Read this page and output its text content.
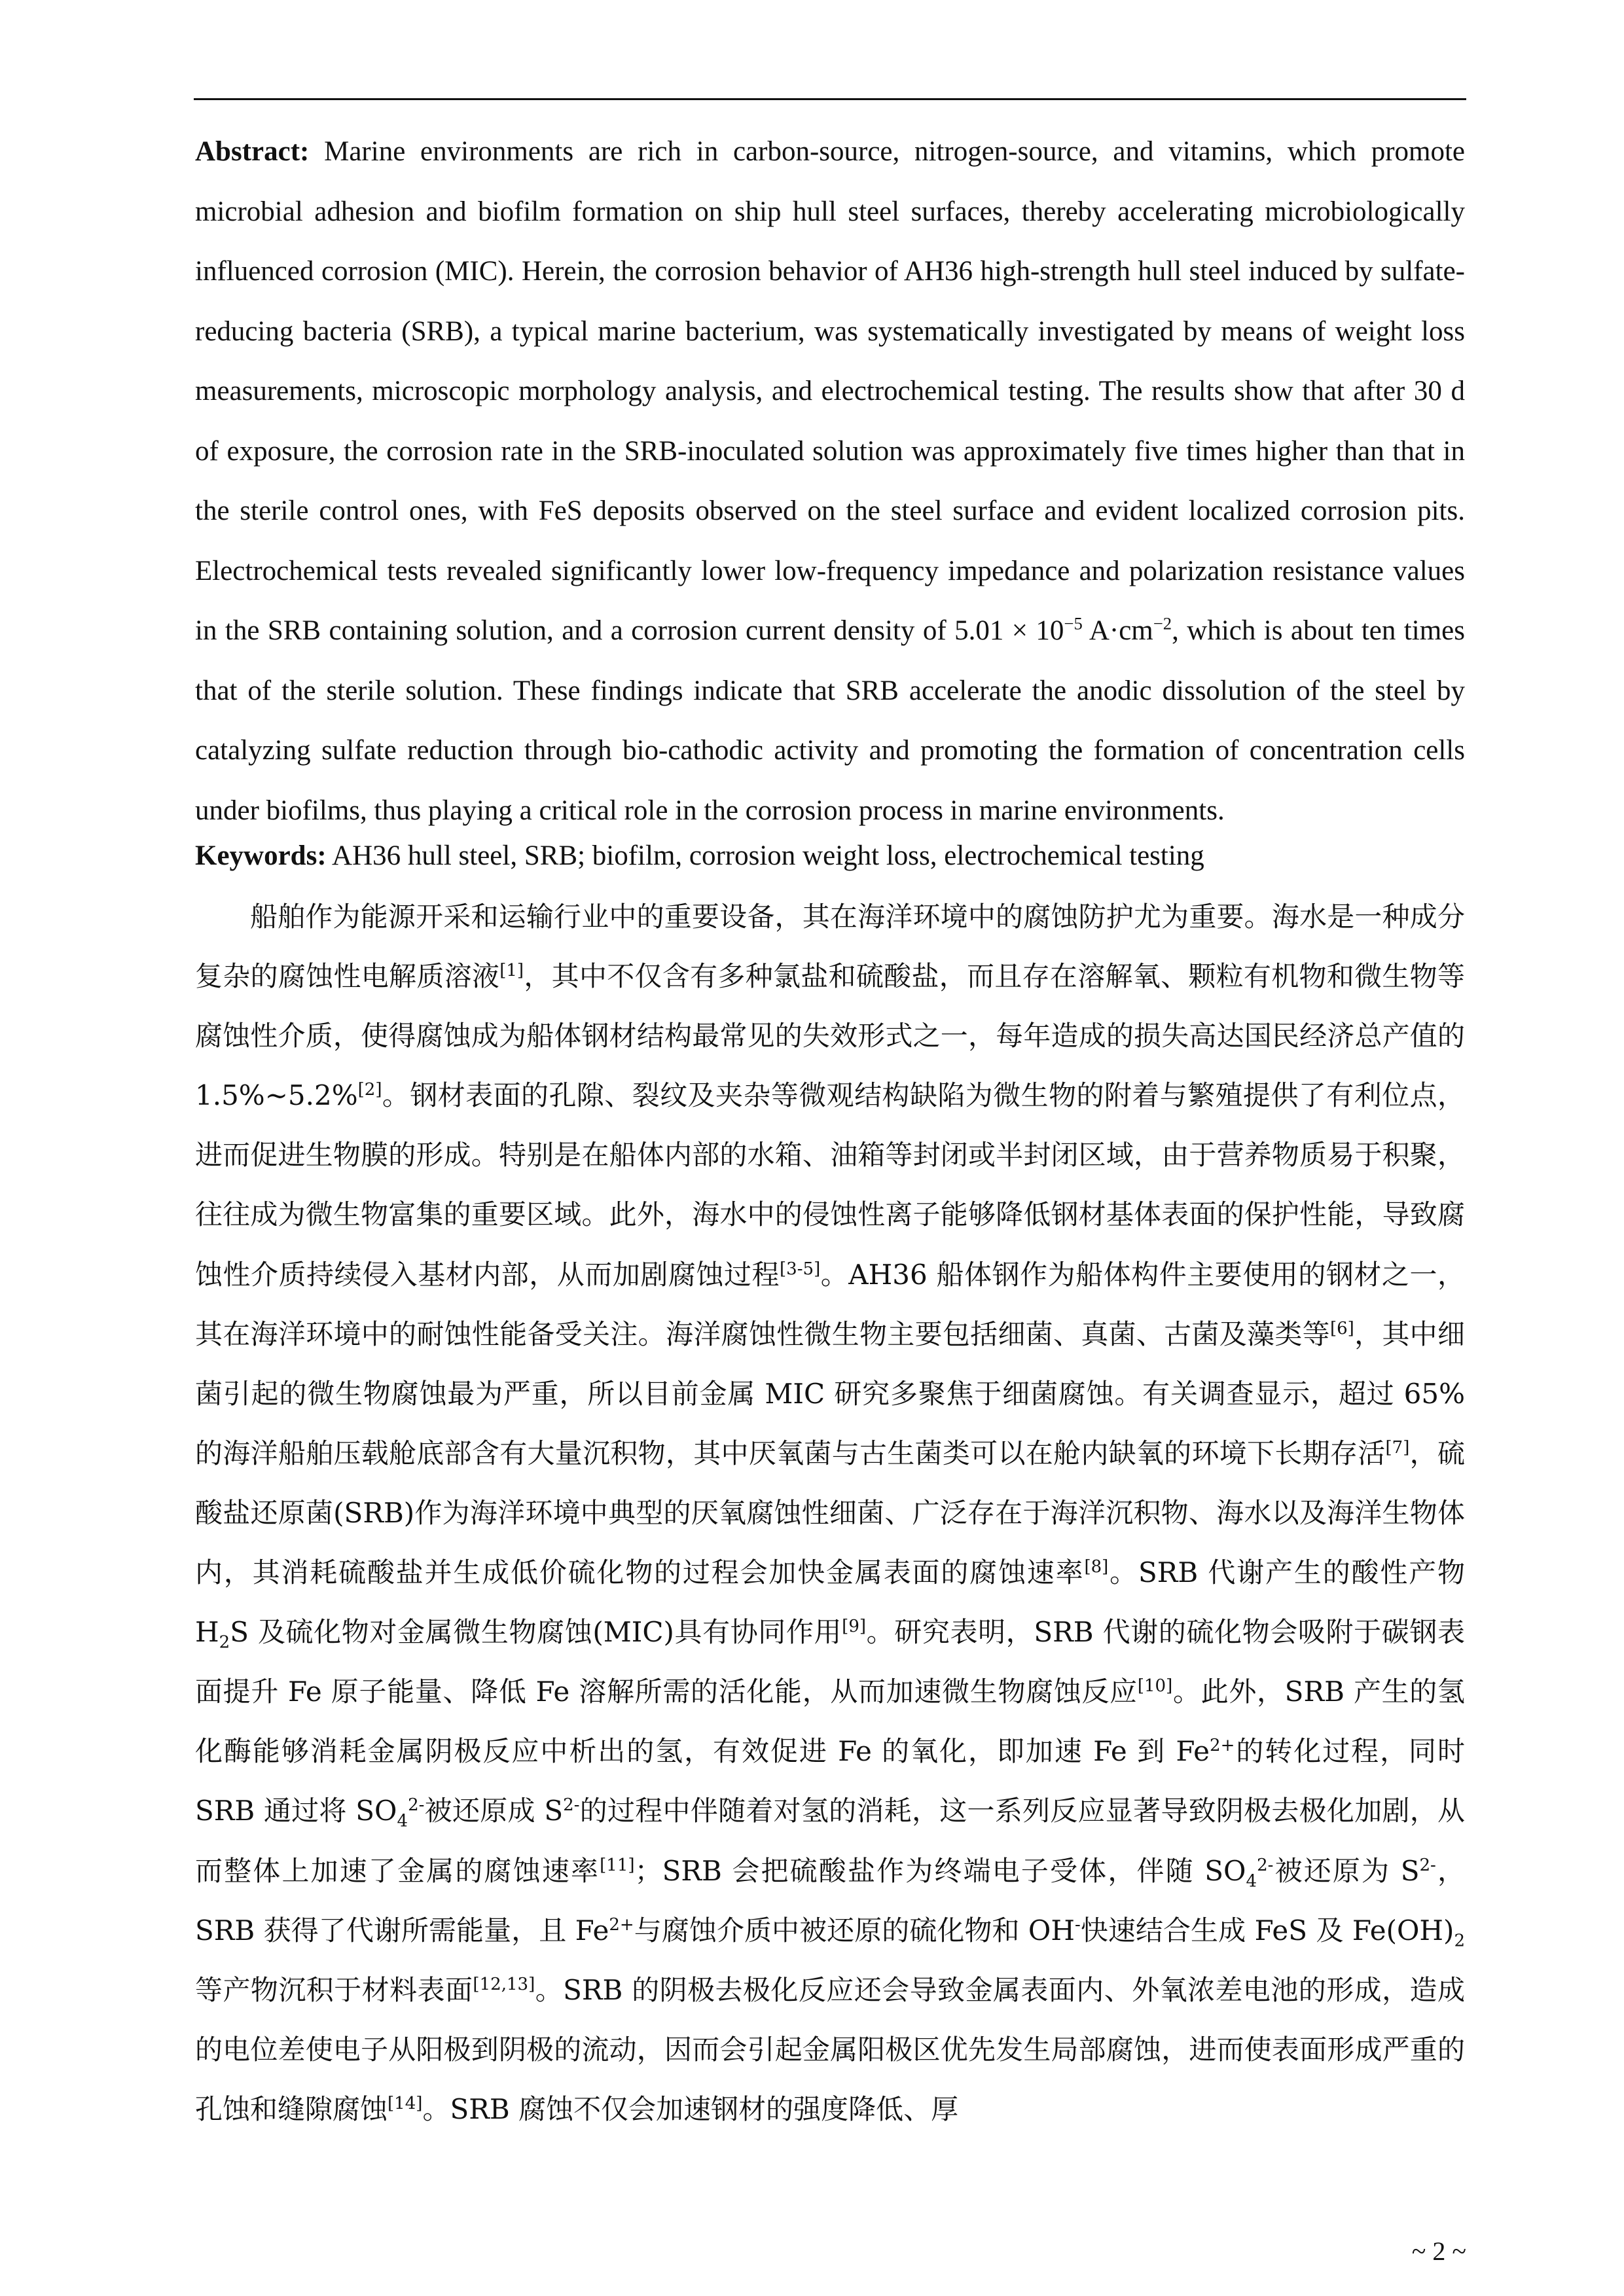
Abstract: Marine environments are rich in carbon-source, nitrogen-source, and vitamins, which promote microbial adhesion and biofilm formation on ship hull steel surfaces, thereby accelerating microbiologically influenced corrosion (MIC). Herein, the corrosion behavior of AH36 high-strength hull steel induced by sulfate-reducing bacteria (SRB), a typical marine bacterium, was systematically investigated by means of weight loss measurements, microscopic morphology analysis, and electrochemical testing. The results show that after 30 d of exposure, the corrosion rate in the SRB-inoculated solution was approximately five times higher than that in the sterile control ones, with FeS deposits observed on the steel surface and evident localized corrosion pits. Electrochemical tests revealed significantly lower low-frequency impedance and polarization resistance values in the SRB containing solution, and a corrosion current density of $5.01 \times 10^{-5}$ $A\cdot cm^{-2}$, which is about ten times that of the sterile solution. These findings indicate that SRB accelerate the anodic dissolution of the steel by catalyzing sulfate reduction through bio-cathodic activity and promoting the formation of concentration cells under biofilms, thus playing a critical role in the corrosion process in marine environments.

Keywords: AH36 hull steel, SRB; biofilm, corrosion weight loss, electrochemical testing

船舶作为能源开采和运输行业中的重要设备，其在海洋环境中的腐蚀防护尤为重要。海水是一种成分复杂的腐蚀性电解质溶液[1]，其中不仅含有多种氯盐和硫酸盐，而且存在溶解氧、颗粒有机物和微生物等腐蚀性介质，使得腐蚀成为船体钢材结构最常见的失效形式之一，每年造成的损失高达国民经济总产值的 1.5%~5.2%[2]。钢材表面的孔隙、裂纹及夹杂等微观结构缺陷为微生物的附着与繁殖提供了有利位点，进而促进生物膜的形成。特别是在船体内部的水箱、油箱等封闭或半封闭区域，由于营养物质易于积聚，往往成为微生物富集的重要区域。此外，海水中的侵蚀性离子能够降低钢材基体表面的保护性能，导致腐蚀性介质持续侵入基材内部，从而加剧腐蚀过程[3-5]。AH36 船体钢作为船体构件主要使用的钢材之一，其在海洋环境中的耐蚀性能备受关注。海洋腐蚀性微生物主要包括细菌、真菌、古菌及藻类等[6]，其中细菌引起的微生物腐蚀最为严重，所以目前金属 MIC 研究多聚焦于细菌腐蚀。有关调查显示，超过 65%的海洋船舶压载舱底部含有大量沉积物，其中厌氧菌与古生菌类可以在舱内缺氧的环境下长期存活[7]，硫酸盐还原菌(SRB)作为海洋环境中典型的厌氧腐蚀性细菌、广泛存在于海洋沉积物、海水以及海洋生物体内，其消耗硫酸盐并生成低价硫化物的过程会加快金属表面的腐蚀速率[8]。SRB 代谢产生的酸性产物 $H_2S$ 及硫化物对金属微生物腐蚀(MIC)具有协同作用[9]。研究表明，SRB 代谢的硫化物会吸附于碳钢表面提升 Fe 原子能量、降低 Fe 溶解所需的活化能，从而加速微生物腐蚀反应[10]。此外，SRB 产生的氢化酶能够消耗金属阴极反应中析出的氢，有效促进 Fe 的氧化，即加速 Fe 到 $Fe^{2+}$的转化过程，同时 SRB 通过将 $SO_4^{2-}$被还原成 $S^{2-}$的过程中伴随着对氢的消耗，这一系列反应显著导致阴极去极化加剧，从而整体上加速了金属的腐蚀速率[11]；SRB 会把硫酸盐作为终端电子受体，伴随 $SO_4^{2-}$被还原为 $S^{2-}$，SRB 获得了代谢所需能量，且 $Fe^{2+}$与腐蚀介质中被还原的硫化物和 OH-快速结合生成 FeS 及 $Fe(OH)_2$ 等产物沉积于材料表面[12,13]。SRB 的阴极去极化反应还会导致金属表面内、外氧浓差电池的形成，造成的电位差使电子从阳极到阴极的流动，因而会引起金属阳极区优先发生局部腐蚀，进而使表面形成严重的孔蚀和缝隙腐蚀[14]。SRB 腐蚀不仅会加速钢材的强度降低、厚

~ 2 ~
